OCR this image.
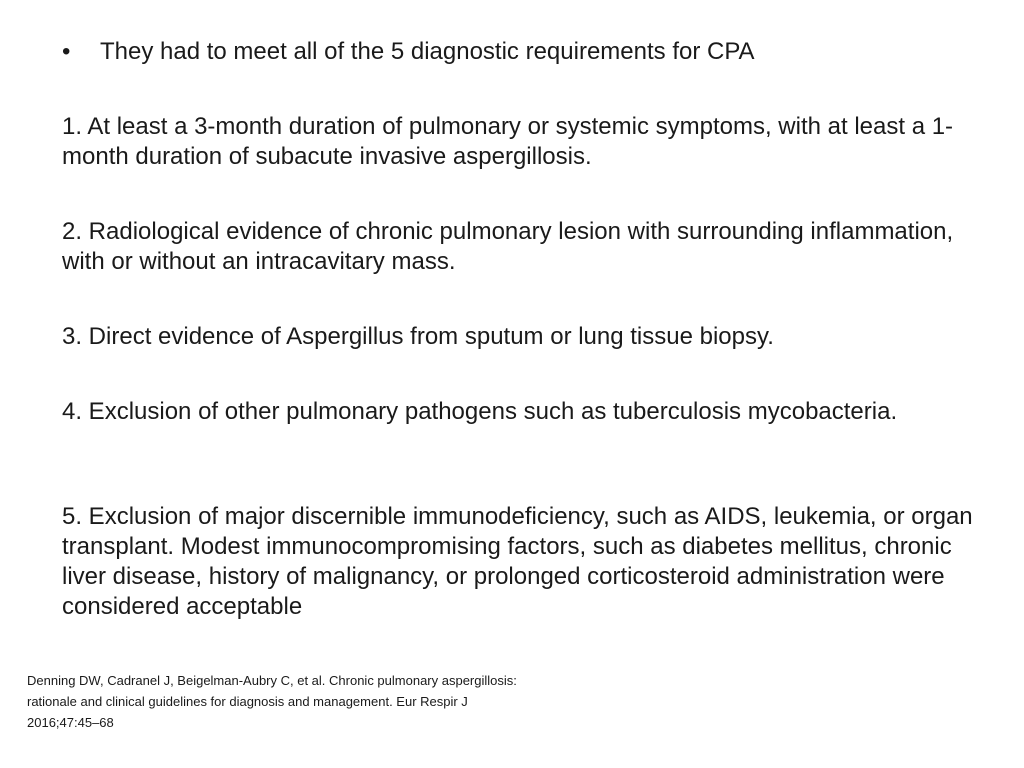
•	They had to meet all of the 5 diagnostic requirements for CPA
1. At least a 3-month duration of pulmonary or systemic symptoms, with at least a 1-month duration of subacute invasive aspergillosis.
2. Radiological evidence of chronic pulmonary lesion with surrounding inflammation, with or without an intracavitary mass.
3. Direct evidence of Aspergillus from sputum or lung tissue biopsy.
4. Exclusion of other pulmonary pathogens such as tuberculosis mycobacteria.
5. Exclusion of major discernible immunodeficiency, such as AIDS, leukemia, or organ transplant. Modest immunocompromising factors, such as diabetes mellitus, chronic liver disease, history of malignancy, or prolonged corticosteroid administration were considered acceptable
Denning DW, Cadranel J, Beigelman-Aubry C, et al. Chronic pulmonary aspergillosis: rationale and clinical guidelines for diagnosis and management. Eur Respir J 2016;47:45–68
